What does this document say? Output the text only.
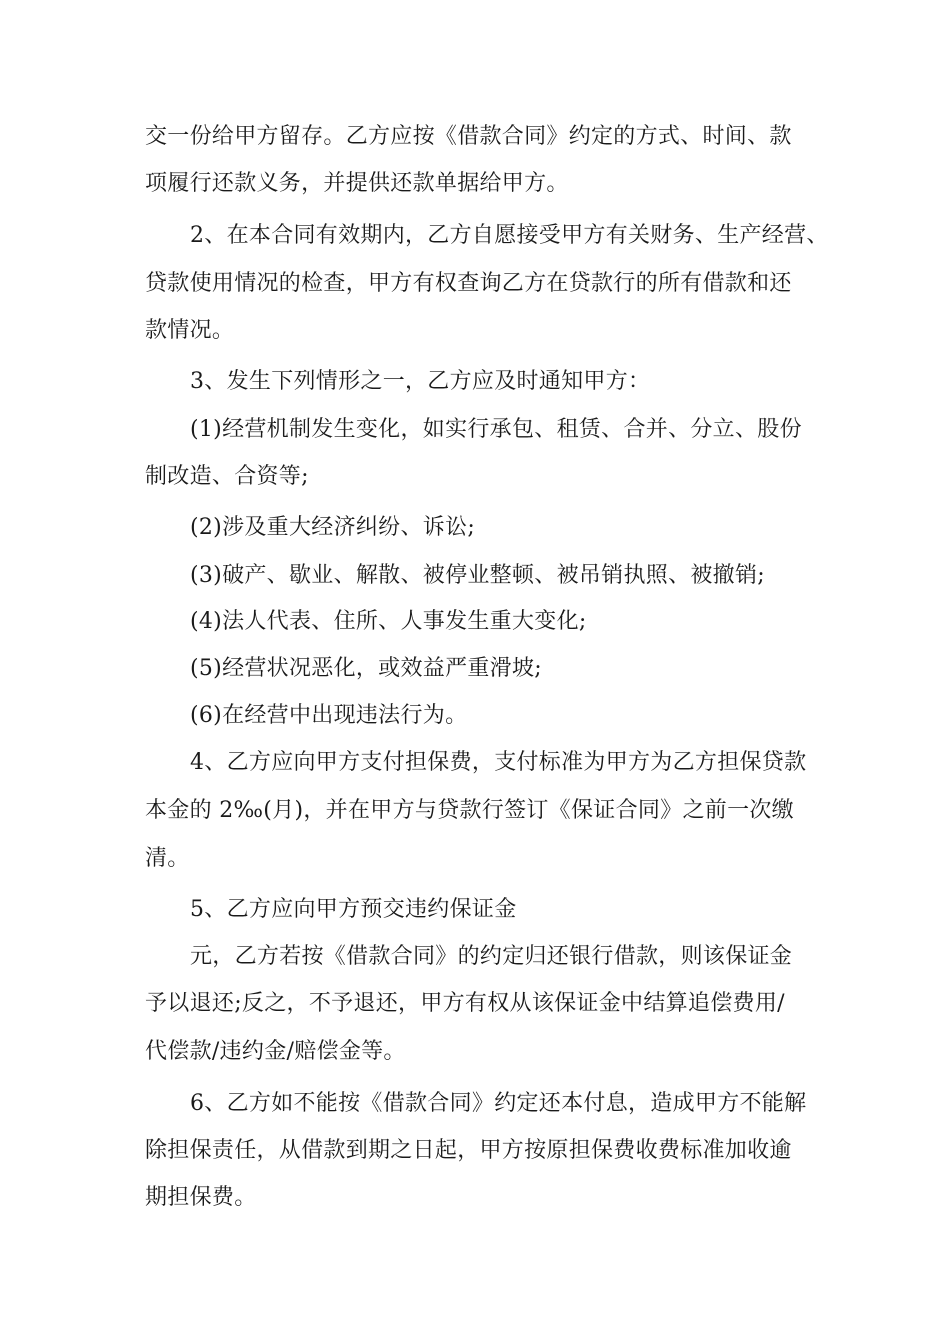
交一份给甲方留存。乙方应按《借款合同》约定的方式、时间、款
项履行还款义务，并提供还款单据给甲方。
2、在本合同有效期内，乙方自愿接受甲方有关财务、生产经营、
贷款使用情况的检查，甲方有权查询乙方在贷款行的所有借款和还
款情况。
3、发生下列情形之一，乙方应及时通知甲方：
(1)经营机制发生变化，如实行承包、租赁、合并、分立、股份
制改造、合资等;
(2)涉及重大经济纠纷、诉讼;
(3)破产、歇业、解散、被停业整顿、被吊销执照、被撤销;
(4)法人代表、住所、人事发生重大变化;
(5)经营状况恶化，或效益严重滑坡;
(6)在经营中出现违法行为。
4、乙方应向甲方支付担保费，支付标准为甲方为乙方担保贷款
本金的 2‰(月)，并在甲方与贷款行签订《保证合同》之前一次缴
清。
5、乙方应向甲方预交违约保证金
元，乙方若按《借款合同》的约定归还银行借款，则该保证金
予以退还;反之，不予退还，甲方有权从该保证金中结算追偿费用/
代偿款/违约金/赔偿金等。
6、乙方如不能按《借款合同》约定还本付息，造成甲方不能解
除担保责任，从借款到期之日起，甲方按原担保费收费标准加收逾
期担保费。
